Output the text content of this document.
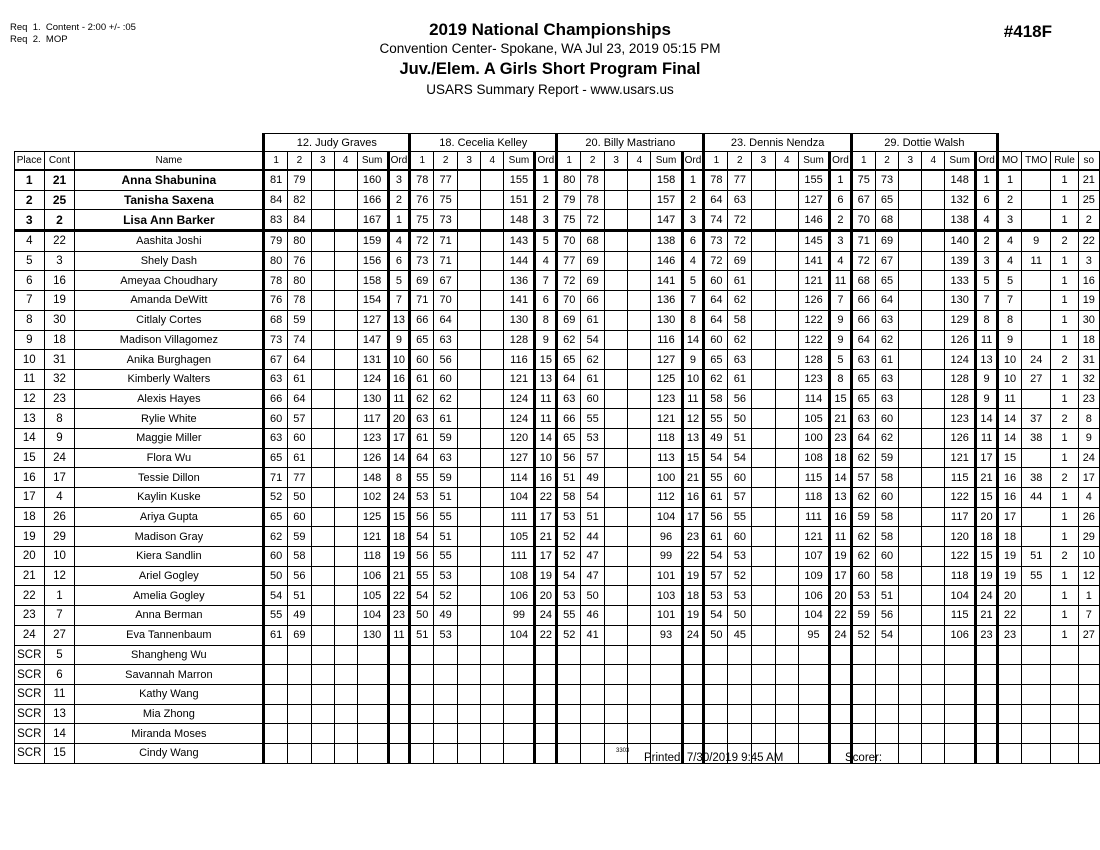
Req  1.  Content - 2:00 +/- :05
Req  2.  MOP
2019 National Championships
Convention Center- Spokane, WA Jul 23, 2019 05:15 PM
Juv./Elem. A Girls Short Program Final
USARS Summary Report - www.usars.us
#418F
			12. Judy Graves						18. Cecelia Kelley						20. Billy Mastriano						23. Dennis Nendza						29. Dottie Walsh									
Place	Cont	Name	1	2	3	4	Sum	Ord	1	2	3	4	Sum	Ord	1	2	3	4	Sum	Ord	1	2	3	4	Sum	Ord	1	2	3	4	Sum	Ord	MO	TMO	Rule	so
1	21	Anna Shabunina	81	79			160	3	78	77			155	1	80	78			158	1	78	77			155	1	75	73			148	1	1		1	21
2	25	Tanisha Saxena	84	82			166	2	76	75			151	2	79	78			157	2	64	63			127	6	67	65			132	6	2		1	25
3	2	Lisa Ann Barker	83	84			167	1	75	73			148	3	75	72			147	3	74	72			146	2	70	68			138	4	3		1	2
4	22	Aashita Joshi	79	80			159	4	72	71			143	5	70	68			138	6	73	72			145	3	71	69			140	2	4	9	2	22
5	3	Shely Dash	80	76			156	6	73	71			144	4	77	69			146	4	72	69			141	4	72	67			139	3	4	11	1	3
6	16	Ameyaa Choudhary	78	80			158	5	69	67			136	7	72	69			141	5	60	61			121	11	68	65			133	5	5		1	16
7	19	Amanda DeWitt	76	78			154	7	71	70			141	6	70	66			136	7	64	62			126	7	66	64			130	7	7		1	19
8	30	Citlaly Cortes	68	59			127	13	66	64			130	8	69	61			130	8	64	58			122	9	66	63			129	8	8		1	30
9	18	Madison Villagomez	73	74			147	9	65	63			128	9	62	54			116	14	60	62			122	9	64	62			126	11	9		1	18
10	31	Anika Burghagen	67	64			131	10	60	56			116	15	65	62			127	9	65	63			128	5	63	61			124	13	10	24	2	31
11	32	Kimberly Walters	63	61			124	16	61	60			121	13	64	61			125	10	62	61			123	8	65	63			128	9	10	27	1	32
12	23	Alexis Hayes	66	64			130	11	62	62			124	11	63	60			123	11	58	56			114	15	65	63			128	9	11		1	23
13	8	Rylie White	60	57			117	20	63	61			124	11	66	55			121	12	55	50			105	21	63	60			123	14	14	37	2	8
14	9	Maggie Miller	63	60			123	17	61	59			120	14	65	53			118	13	49	51			100	23	64	62			126	11	14	38	1	9
15	24	Flora Wu	65	61			126	14	64	63			127	10	56	57			113	15	54	54			108	18	62	59			121	17	15		1	24
16	17	Tessie Dillon	71	77			148	8	55	59			114	16	51	49			100	21	55	60			115	14	57	58			115	21	16	38	2	17
17	4	Kaylin Kuske	52	50			102	24	53	51			104	22	58	54			112	16	61	57			118	13	62	60			122	15	16	44	1	4
18	26	Ariya Gupta	65	60			125	15	56	55			111	17	53	51			104	17	56	55			111	16	59	58			117	20	17		1	26
19	29	Madison Gray	62	59			121	18	54	51			105	21	52	44			96	23	61	60			121	11	62	58			120	18	18		1	29
20	10	Kiera Sandlin	60	58			118	19	56	55			111	17	52	47			99	22	54	53			107	19	62	60			122	15	19	51	2	10
21	12	Ariel Gogley	50	56			106	21	55	53			108	19	54	47			101	19	57	52			109	17	60	58			118	19	19	55	1	12
22	1	Amelia Gogley	54	51			105	22	54	52			106	20	53	50			103	18	53	53			106	20	53	51			104	24	20		1	1
23	7	Anna Berman	55	49			104	23	50	49			99	24	55	46			101	19	54	50			104	22	59	56			115	21	22		1	7
24	27	Eva Tannenbaum	61	69			130	11	51	53			104	22	52	41			93	24	50	45			95	24	52	54			106	23	23		1	27
SCR	5	Shangheng Wu																																		
SCR	6	Savannah Marron																																		
SCR	11	Kathy Wang																																		
SCR	13	Mia Zhong																																		
SCR	14	Miranda Moses																																		
SCR	15	Cindy Wang																																			3303
Printed: 7/30/2019 9:45 AM	Scorer:
